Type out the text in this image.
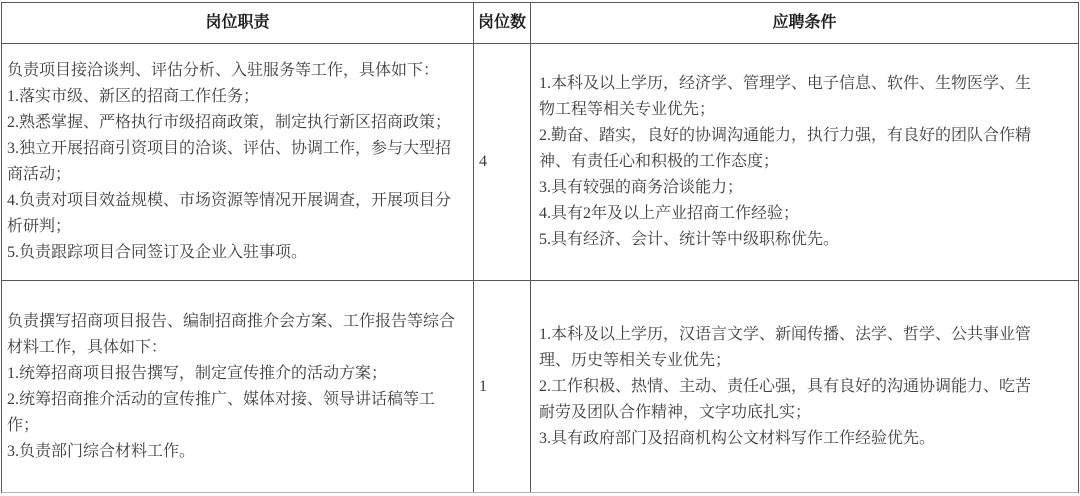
岗位职责	岗位数	应聘条件
负责项目接洽谈判、评估分析、入驻服务等工作，具体如下：
1.落实市级、新区的招商工作任务；
2.熟悉掌握、严格执行市级招商政策，制定执行新区招商政策；
3.独立开展招商引资项目的洽谈、评估、协调工作，参与大型招商活动；
4.负责对项目效益规模、市场资源等情况开展调查，开展项目分析研判；
5.负责跟踪项目合同签订及企业入驻事项。
4
1.本科及以上学历，经济学、管理学、电子信息、软件、生物医学、生物工程等相关专业优先；
2.勤奋、踏实，良好的协调沟通能力，执行力强，有良好的团队合作精神、有责任心和积极的工作态度；
3.具有较强的商务洽谈能力；
4.具有2年及以上产业招商工作经验；
5.具有经济、会计、统计等中级职称优先。
负责撰写招商项目报告、编制招商推介会方案、工作报告等综合材料工作，具体如下：
1.统筹招商项目报告撰写，制定宣传推介的活动方案；
2.统筹招商推介活动的宣传推广、媒体对接、领导讲话稿等工作；
3.负责部门综合材料工作。
1
1.本科及以上学历，汉语言文学、新闻传播、法学、哲学、公共事业管理、历史等相关专业优先；
2.工作积极、热情、主动、责任心强，具有良好的沟通协调能力、吃苦耐劳及团队合作精神，文字功底扎实；
3.具有政府部门及招商机构公文材料写作工作经验优先。
